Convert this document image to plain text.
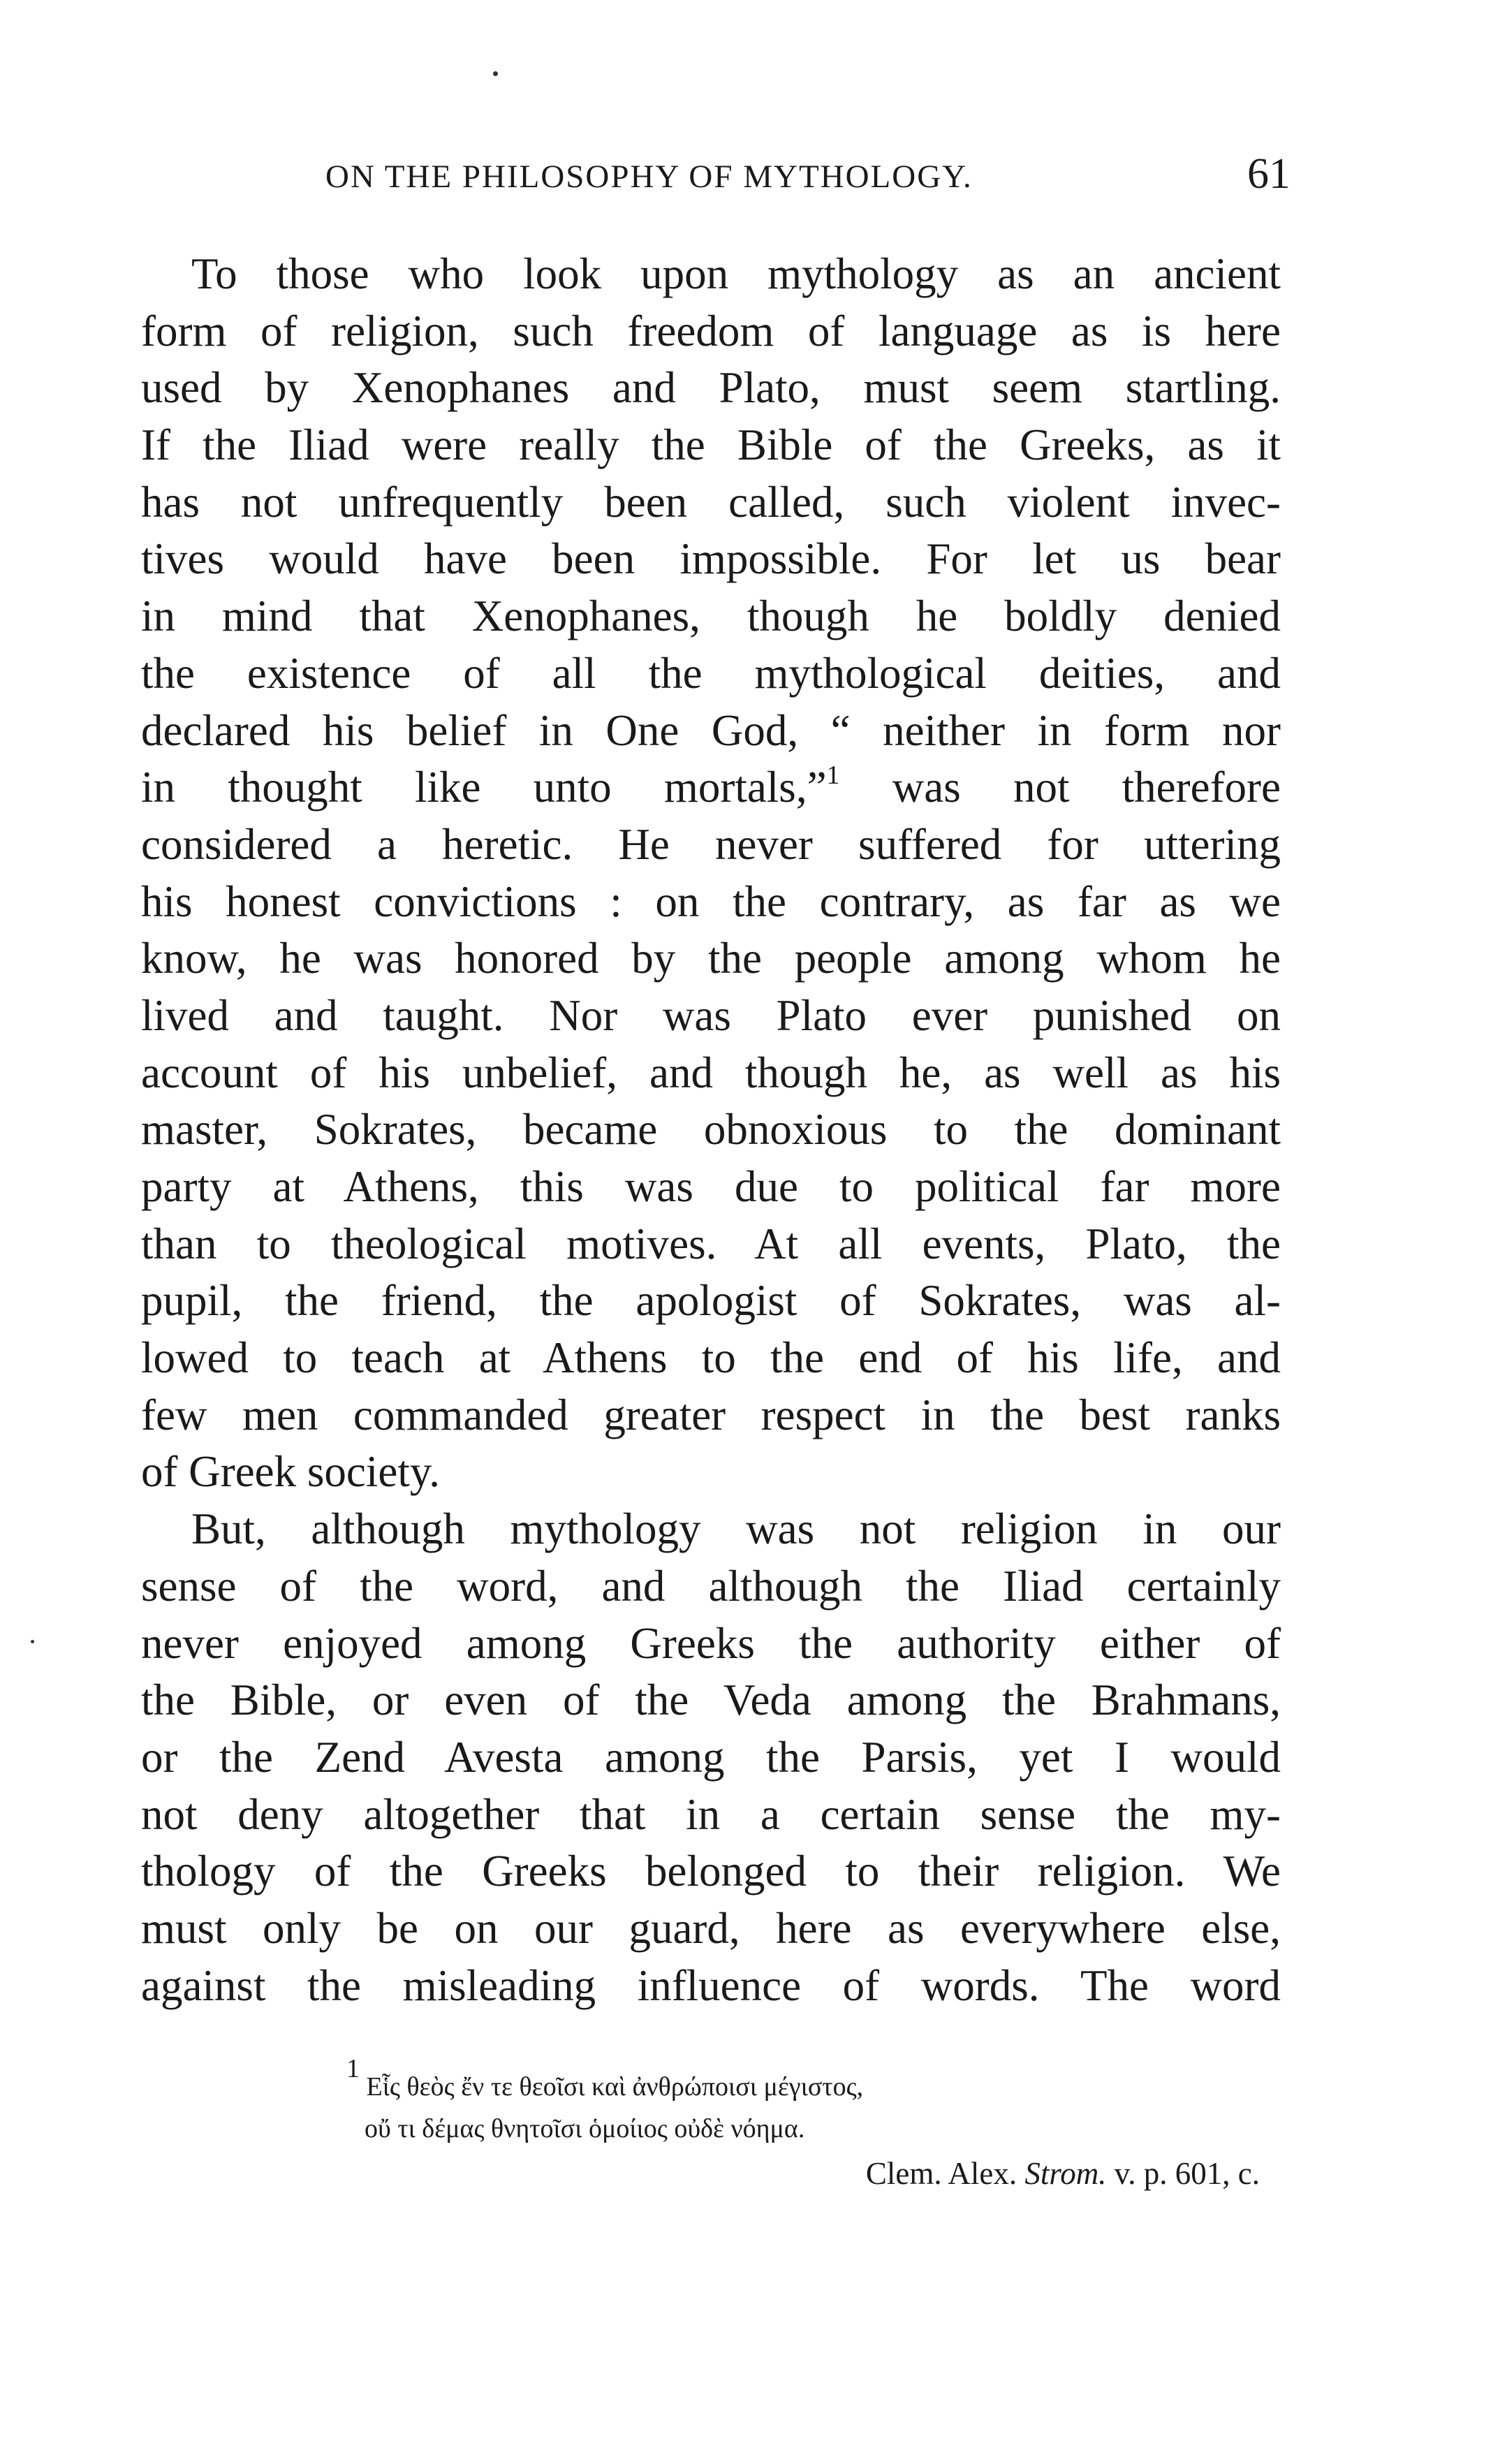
ON THE PHILOSOPHY OF MYTHOLOGY.	61
To those who look upon mythology as an ancient
form of religion, such freedom of language as is here
used by Xenophanes and Plato, must seem startling.
If the Iliad were really the Bible of the Greeks, as it
has not unfrequently been called, such violent invec-
tives would have been impossible. For let us bear
in mind that Xenophanes, though he boldly denied
the existence of all the mythological deities, and
declared his belief in One God, “ neither in form nor
in thought like unto mortals,”$^1$ was not therefore
considered a heretic. He never suffered for uttering
his honest convictions : on the contrary, as far as we
know, he was honored by the people among whom he
lived and taught. Nor was Plato ever punished on
account of his unbelief, and though he, as well as his
master, Sokrates, became obnoxious to the dominant
party at Athens, this was due to political far more
than to theological motives. At all events, Plato, the
pupil, the friend, the apologist of Sokrates, was al-
lowed to teach at Athens to the end of his life, and
few men commanded greater respect in the best ranks
of Greek society.
But, although mythology was not religion in our
sense of the word, and although the Iliad certainly
never enjoyed among Greeks the authority either of
the Bible, or even of the Veda among the Brahmans,
or the Zend Avesta among the Parsis, yet I would
not deny altogether that in a certain sense the my-
thology of the Greeks belonged to their religion. We
must only be on our guard, here as everywhere else,
against the misleading influence of words. The word
$^1$ Εἷς θεὸς ἔν τε θεοῖσι καὶ ἀνθρώποισι μέγιστος,
οὔ τι δέμας θνητοῖσι ὁμοίιος οὐδὲ νόημα.
Clem. Alex. Strom. v. p. 601, c.
